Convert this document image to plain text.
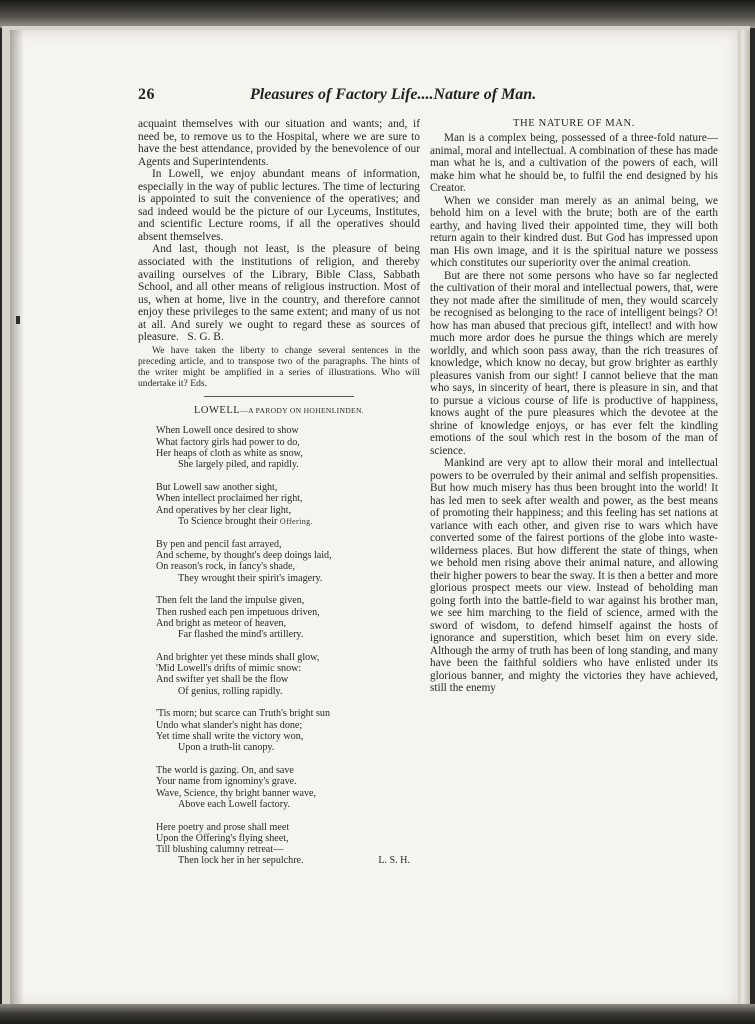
26	Pleasures of Factory Life....Nature of Man.

acquaint themselves with our situation and wants; and, if need be, to remove us to the Hospital, where we are sure to have the best attendance, provided by the benevolence of our Agents and Superintendents.

In Lowell, we enjoy abundant means of information, especially in the way of public lectures. The time of lecturing is appointed to suit the convenience of the operatives; and sad indeed would be the picture of our Lyceums, Institutes, and scientific Lecture rooms, if all the operatives should absent themselves.

And last, though not least, is the pleasure of being associated with the institutions of religion, and thereby availing ourselves of the Library, Bible Class, Sabbath School, and all other means of religious instruction. Most of us, when at home, live in the country, and therefore cannot enjoy these privileges to the same extent; and many of us not at all. And surely we ought to regard these as sources of pleasure. S. G. B.

We have taken the liberty to change several sentences in the preceding article, and to transpose two of the paragraphs. The hints of the writer might be amplified in a series of illustrations. Who will undertake it? Eds.

LOWELL—A PARODY ON HOHENLINDEN.
When Lowell once desired to show
What factory girls had power to do,
Her heaps of cloth as white as snow,
She largely piled, and rapidly.
But Lowell saw another sight,
When intellect proclaimed her right,
And operatives by her clear light,
To Science brought their Offering.
By pen and pencil fast arrayed,
And scheme, by thought's deep doings laid,
On reason's rock, in fancy's shade,
They wrought their spirit's imagery.
Then felt the land the impulse given,
Then rushed each pen impetuous driven,
And bright as meteor of heaven,
Far flashed the mind's artillery.
And brighter yet these minds shall glow,
'Mid Lowell's drifts of mimic snow:
And swifter yet shall be the flow
Of genius, rolling rapidly.
'Tis morn; but scarce can Truth's bright sun
Undo what slander's night has done;
Yet time shall write the victory won,
Upon a truth-lit canopy.
The world is gazing. On, and save
Your name from ignominy's grave.
Wave, Science, thy bright banner wave,
Above each Lowell factory.
Here poetry and prose shall meet
Upon the Offering's flying sheet,
Till blushing calumny retreat—
Then lock her in her sepulchre.	L. S. H.
THE NATURE OF MAN.

Man is a complex being, possessed of a three-fold nature—animal, moral and intellectual. A combination of these has made man what he is, and a cultivation of the powers of each, will make him what he should be, to fulfil the end designed by his Creator.

When we consider man merely as an animal being, we behold him on a level with the brute; both are of the earth earthy, and having lived their appointed time, they will both return again to their kindred dust. But God has impressed upon man His own image, and it is the spiritual nature we possess which constitutes our superiority over the animal creation.

But are there not some persons who have so far neglected the cultivation of their moral and intellectual powers, that, were they not made after the similitude of men, they would scarcely be recognised as belonging to the race of intelligent beings? O! how has man abused that precious gift, intellect! and with how much more ardor does he pursue the things which are merely worldly, and which soon pass away, than the rich treasures of knowledge, which know no decay, but grow brighter as earthly pleasures vanish from our sight! I cannot believe that the man who says, in sincerity of heart, there is pleasure in sin, and that to pursue a vicious course of life is productive of happiness, knows aught of the pure pleasures which the devotee at the shrine of knowledge enjoys, or has ever felt the kindling emotions of the soul which rest in the bosom of the man of science.

Mankind are very apt to allow their moral and intellectual powers to be overruled by their animal and selfish propensities. But how much misery has thus been brought into the world! It has led men to seek after wealth and power, as the best means of promoting their happiness; and this feeling has set nations at variance with each other, and given rise to wars which have converted some of the fairest portions of the globe into waste-wilderness places. But how different the state of things, when we behold men rising above their animal nature, and allowing their higher powers to bear the sway. It is then a better and more glorious prospect meets our view. Instead of beholding man going forth into the battle-field to war against his brother man, we see him marching to the field of science, armed with the sword of wisdom, to defend himself against the hosts of ignorance and superstition, which beset him on every side. Although the army of truth has been of long standing, and many have been the faithful soldiers who have enlisted under its glorious banner, and mighty the victories they have achieved, still the enemy
